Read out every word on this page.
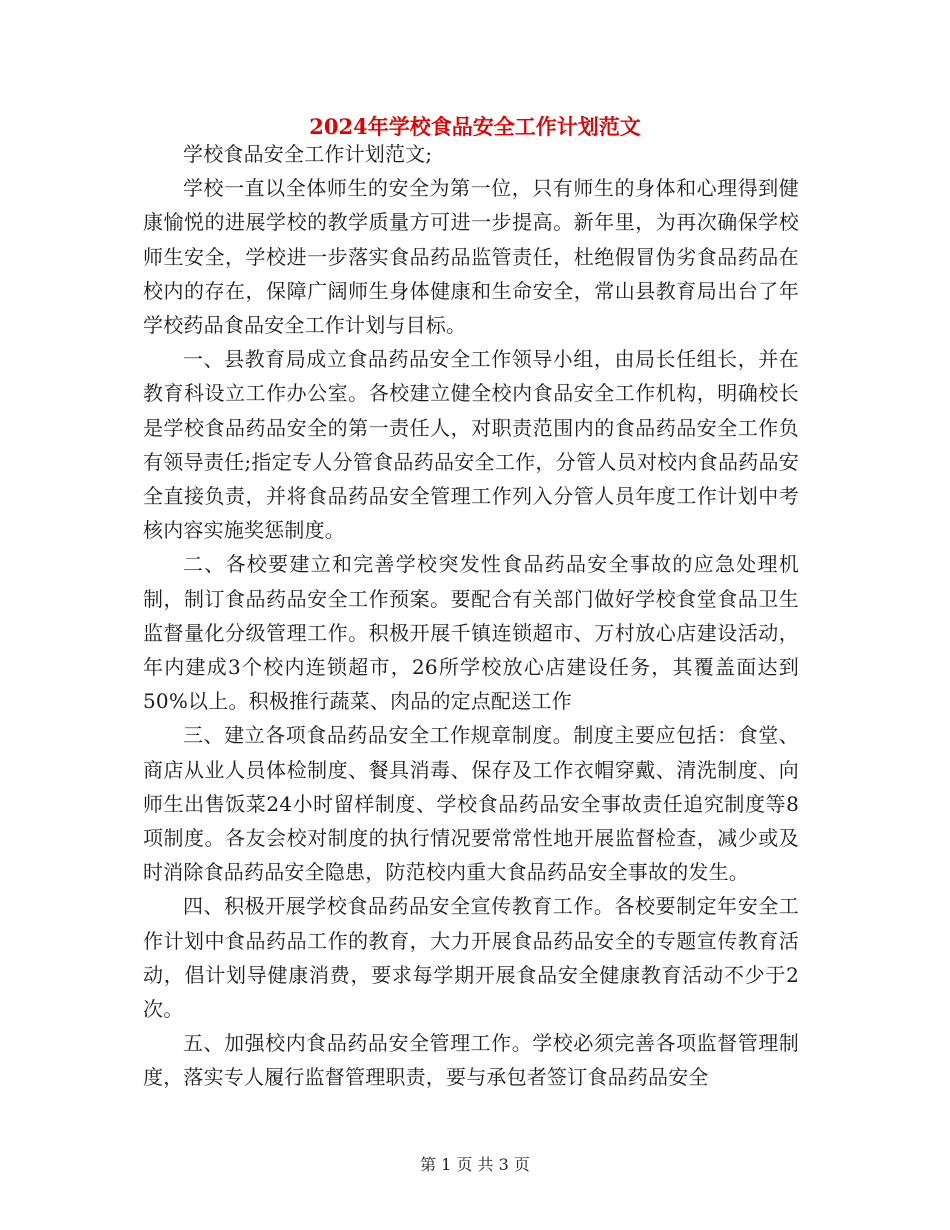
2024年学校食品安全工作计划范文

学校食品安全工作计划范文;

学校一直以全体师生的安全为第一位，只有师生的身体和心理得到健康愉悦的进展学校的教学质量方可进一步提高。新年里，为再次确保学校师生安全，学校进一步落实食品药品监管责任，杜绝假冒伪劣食品药品在校内的存在，保障广阔师生身体健康和生命安全，常山县教育局出台了年学校药品食品安全工作计划与目标。

一、县教育局成立食品药品安全工作领导小组，由局长任组长，并在教育科设立工作办公室。各校建立健全校内食品安全工作机构，明确校长是学校食品药品安全的第一责任人，对职责范围内的食品药品安全工作负有领导责任;指定专人分管食品药品安全工作，分管人员对校内食品药品安全直接负责，并将食品药品安全管理工作列入分管人员年度工作计划中考核内容实施奖惩制度。

二、各校要建立和完善学校突发性食品药品安全事故的应急处理机制，制订食品药品安全工作预案。要配合有关部门做好学校食堂食品卫生监督量化分级管理工作。积极开展千镇连锁超市、万村放心店建设活动，年内建成3个校内连锁超市，26所学校放心店建设任务，其覆盖面达到50%以上。积极推行蔬菜、肉品的定点配送工作

三、建立各项食品药品安全工作规章制度。制度主要应包括：食堂、商店从业人员体检制度、餐具消毒、保存及工作衣帽穿戴、清洗制度、向师生出售饭菜24小时留样制度、学校食品药品安全事故责任追究制度等8项制度。各友会校对制度的执行情况要常常性地开展监督检查，减少或及时消除食品药品安全隐患，防范校内重大食品药品安全事故的发生。

四、积极开展学校食品药品安全宣传教育工作。各校要制定年安全工作计划中食品药品工作的教育，大力开展食品药品安全的专题宣传教育活动，倡计划导健康消费，要求每学期开展食品安全健康教育活动不少于2次。

五、加强校内食品药品安全管理工作。学校必须完善各项监督管理制度，落实专人履行监督管理职责，要与承包者签订食品药品安全

第 1 页 共 3 页
